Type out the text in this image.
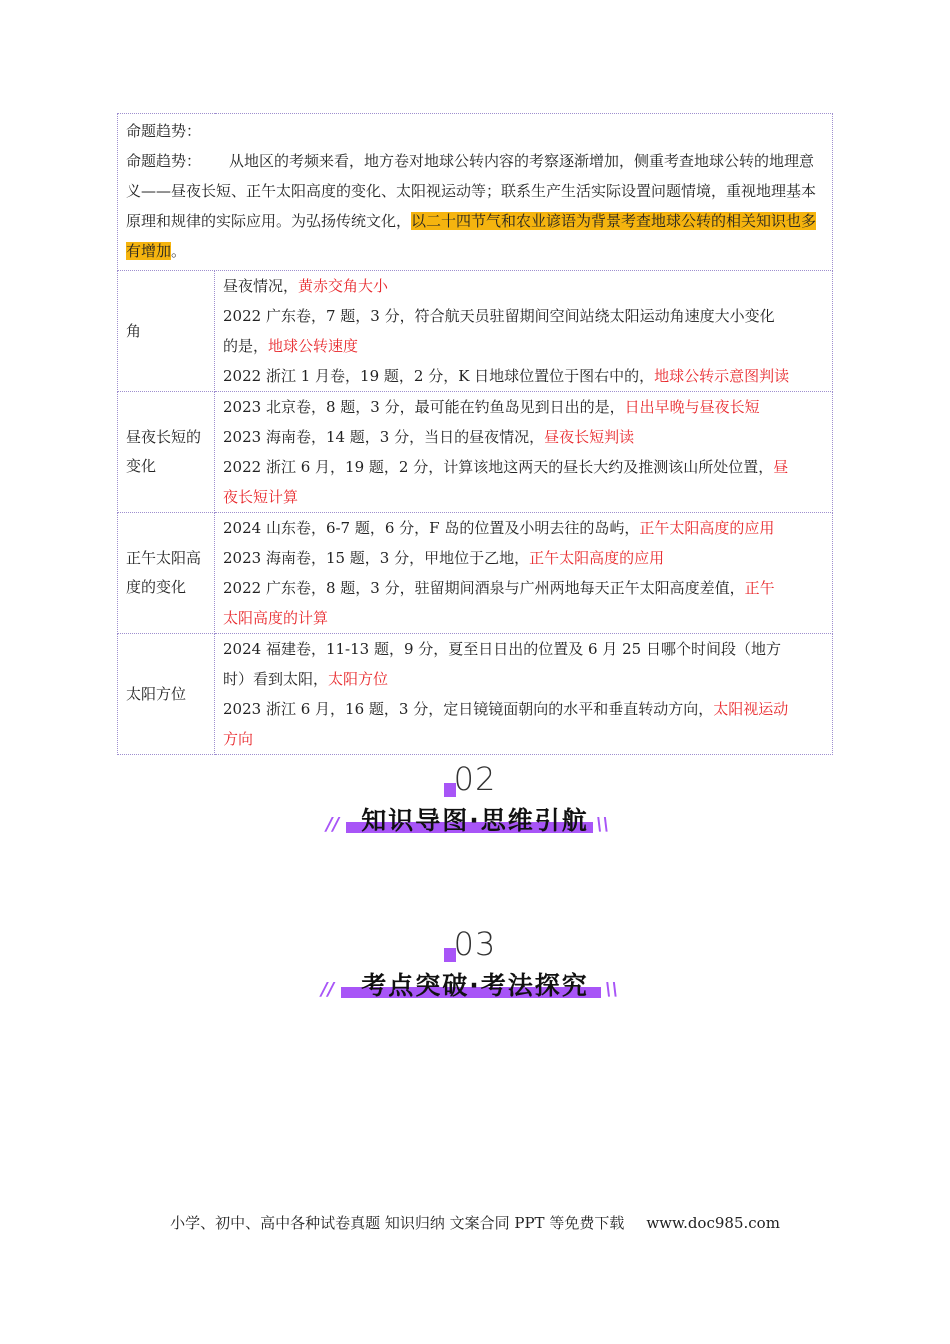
命题趋势：
命题趋势： 从地区的考频来看，地方卷对地球公转内容的考察逐渐增加，侧重考查地球公转的地理意义——昼夜长短、正午太阳高度的变化、太阳视运动等；联系生产生活实际设置问题情境，重视地理基本原理和规律的实际应用。为弘扬传统文化，以二十四节气和农业谚语为背景考查地球公转的相关知识也多有增加。	

角	昼夜情况，黄赤交角大小
2022 广东卷，7 题，3 分，符合航天员驻留期间空间站绕太阳运动角速度大小变化
的是，地球公转速度
2022 浙江 1 月卷，19 题，2 分，K 日地球位置位于图右中的，地球公转示意图判读

昼夜长短的变化	2023 北京卷，8 题，3 分，最可能在钓鱼岛见到日出的是，日出早晚与昼夜长短
2023 海南卷，14 题，3 分，当日的昼夜情况，昼夜长短判读
2022 浙江 6 月，19 题，2 分，计算该地这两天的昼长大约及推测该山所处位置，昼
夜长短计算

正午太阳高度的变化	2024 山东卷，6-7 题，6 分，F 岛的位置及小明去往的岛屿，正午太阳高度的应用
2023 海南卷，15 题，3 分，甲地位于乙地，正午太阳高度的应用
2022 广东卷，8 题，3 分，驻留期间酒泉与广州两地每天正午太阳高度差值，正午
太阳高度的计算

太阳方位	2024 福建卷，11-13 题，9 分，夏至日日出的位置及 6 月 25 日哪个时间段（地方
时）看到太阳，太阳方位
2023 浙江 6 月，16 题，3 分，定日镜镜面朝向的水平和垂直转动方向，太阳视运动
方向
02
//	\\
知识导图·思维引航
03
//	\\
考点突破·考法探究
小学、初中、高中各种试卷真题 知识归纳 文案合同 PPT 等免费下载 www.doc985.com
